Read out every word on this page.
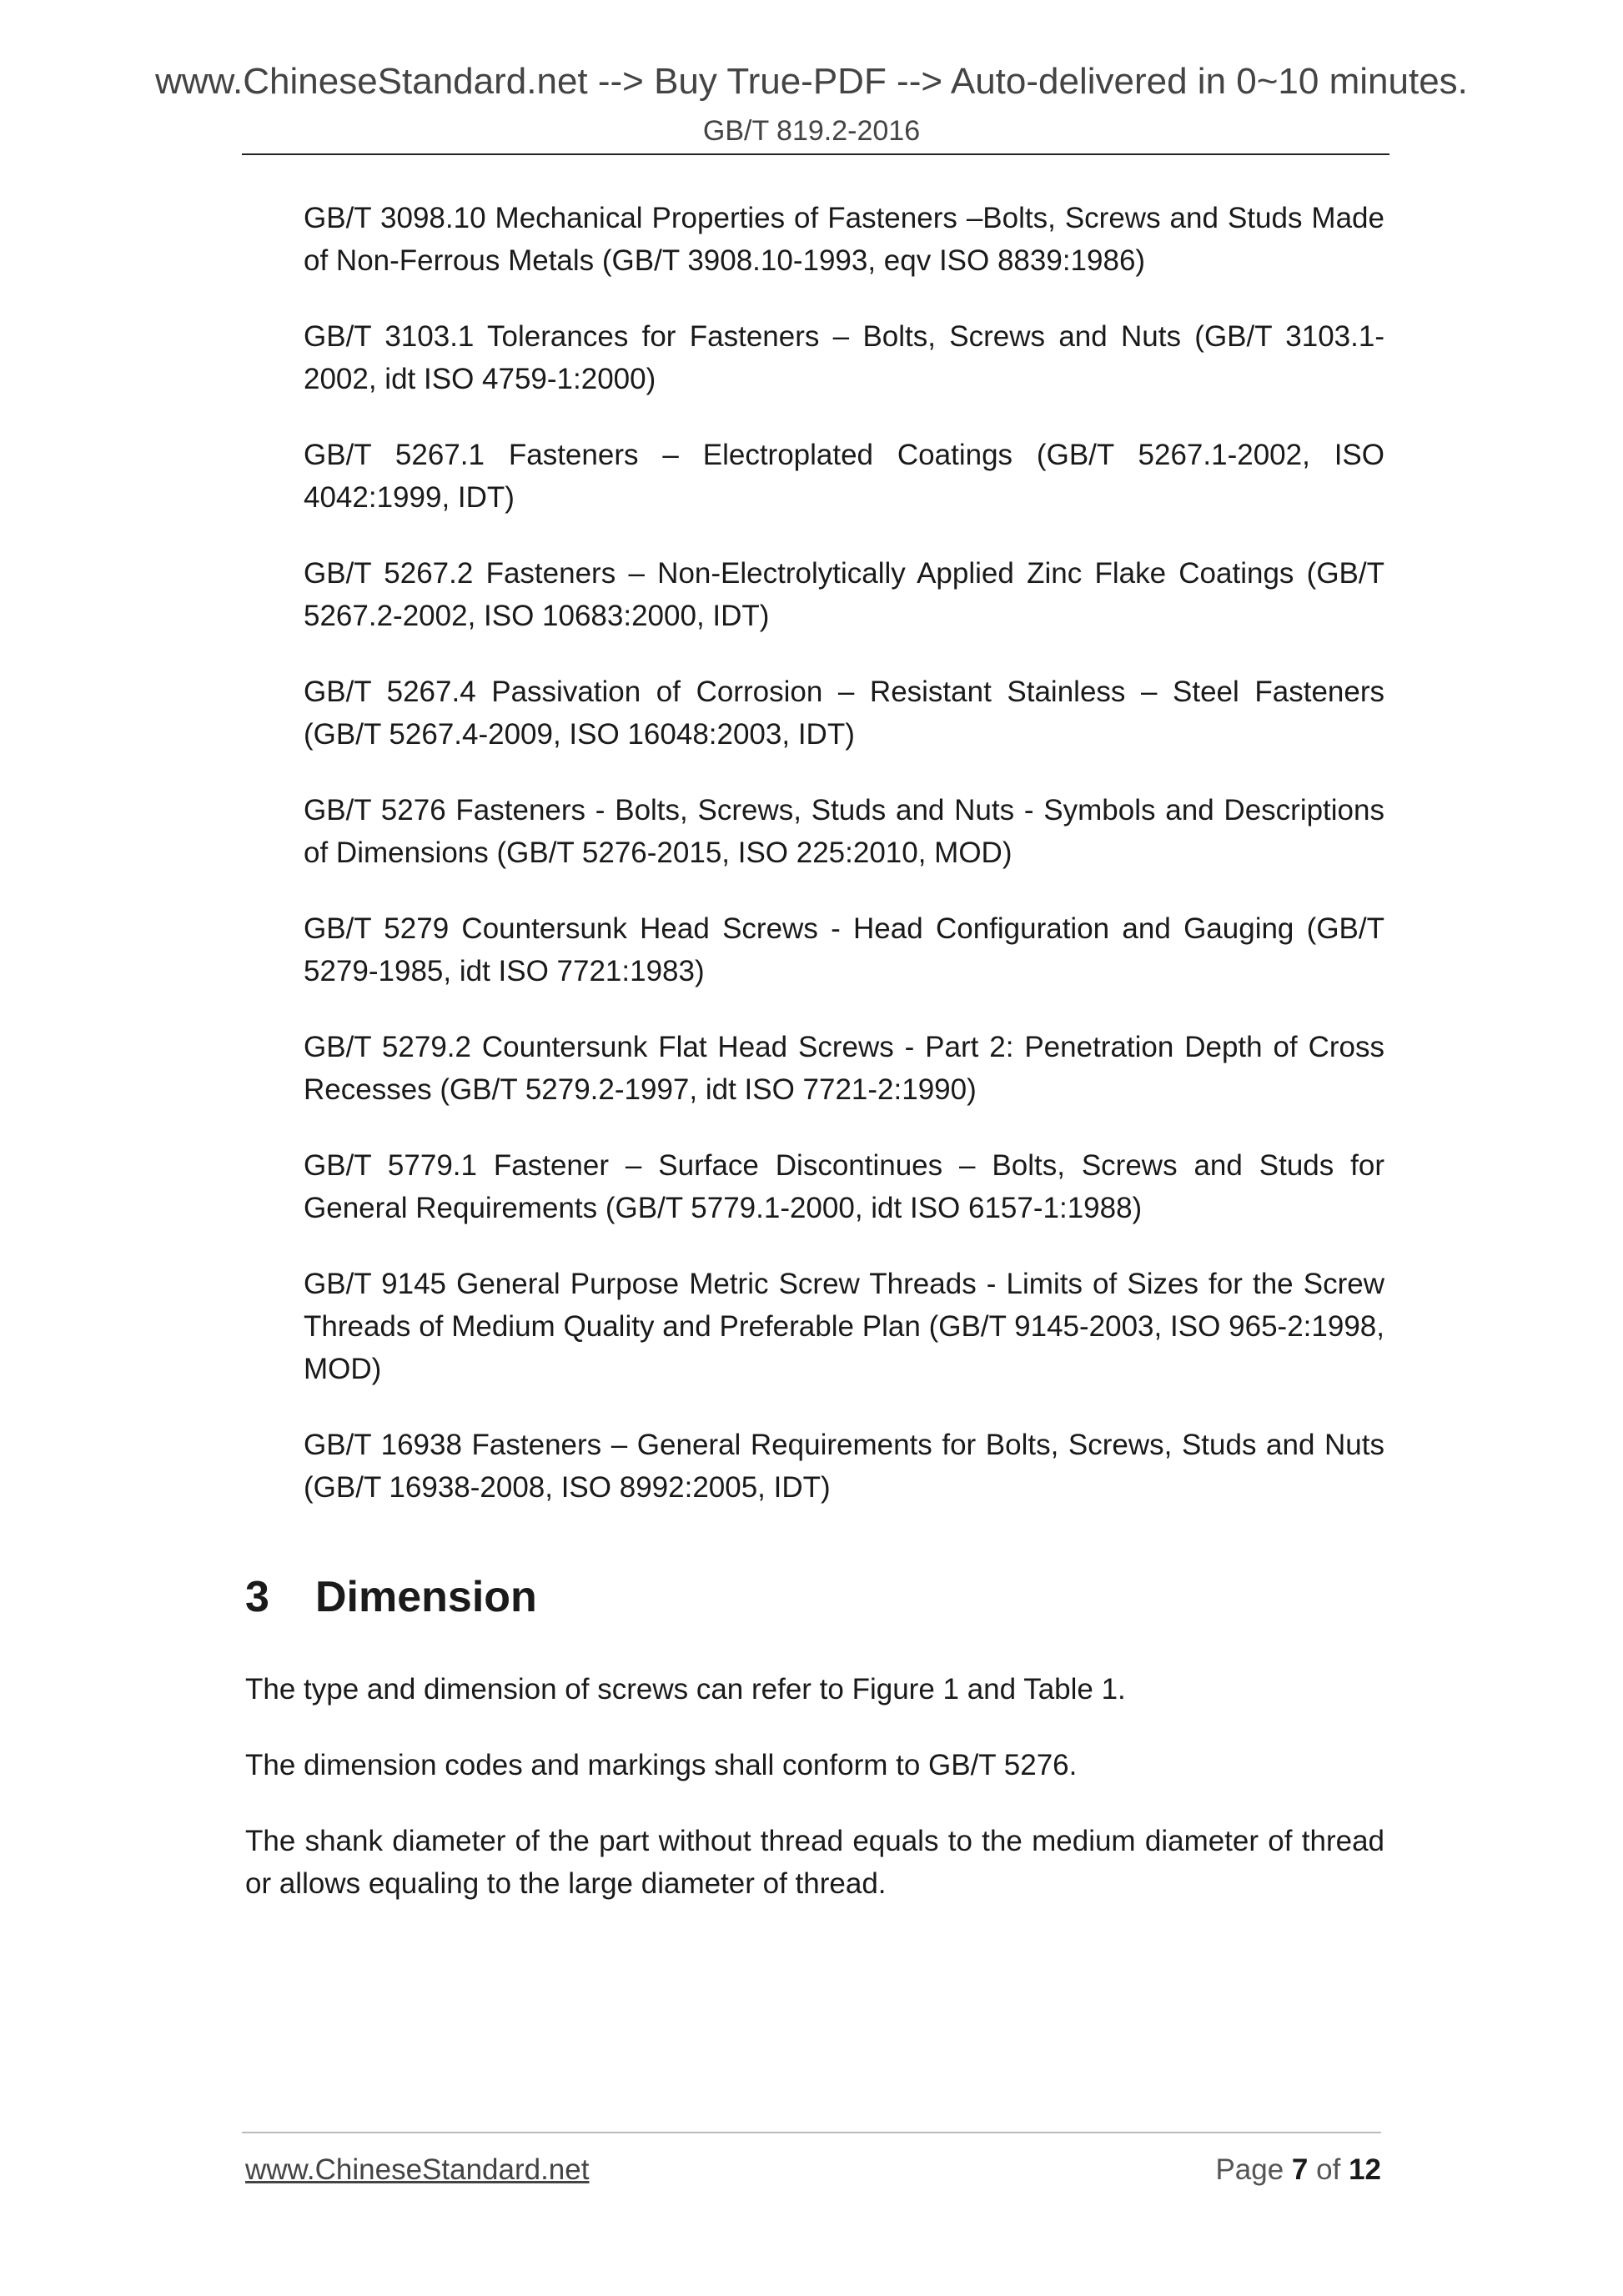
www.ChineseStandard.net --> Buy True-PDF --> Auto-delivered in 0~10 minutes.
GB/T 819.2-2016
GB/T 3098.10 Mechanical Properties of Fasteners –Bolts, Screws and Studs Made of Non-Ferrous Metals (GB/T 3908.10-1993, eqv ISO 8839:1986)
GB/T 3103.1 Tolerances for Fasteners – Bolts, Screws and Nuts (GB/T 3103.1-2002, idt ISO 4759-1:2000)
GB/T 5267.1 Fasteners – Electroplated Coatings (GB/T 5267.1-2002, ISO 4042:1999, IDT)
GB/T 5267.2 Fasteners – Non-Electrolytically Applied Zinc Flake Coatings (GB/T 5267.2-2002, ISO 10683:2000, IDT)
GB/T 5267.4 Passivation of Corrosion – Resistant Stainless – Steel Fasteners (GB/T 5267.4-2009, ISO 16048:2003, IDT)
GB/T 5276 Fasteners - Bolts, Screws, Studs and Nuts - Symbols and Descriptions of Dimensions (GB/T 5276-2015, ISO 225:2010, MOD)
GB/T 5279 Countersunk Head Screws - Head Configuration and Gauging (GB/T 5279-1985, idt ISO 7721:1983)
GB/T 5279.2 Countersunk Flat Head Screws - Part 2: Penetration Depth of Cross Recesses (GB/T 5279.2-1997, idt ISO 7721-2:1990)
GB/T 5779.1 Fastener – Surface Discontinues – Bolts, Screws and Studs for General Requirements (GB/T 5779.1-2000, idt ISO 6157-1:1988)
GB/T 9145 General Purpose Metric Screw Threads - Limits of Sizes for the Screw Threads of Medium Quality and Preferable Plan (GB/T 9145-2003, ISO 965-2:1998, MOD)
GB/T 16938 Fasteners – General Requirements for Bolts, Screws, Studs and Nuts (GB/T 16938-2008, ISO 8992:2005, IDT)
3	Dimension

The type and dimension of screws can refer to Figure 1 and Table 1.

The dimension codes and markings shall conform to GB/T 5276.

The shank diameter of the part without thread equals to the medium diameter of thread or allows equaling to the large diameter of thread.

www.ChineseStandard.net	Page 7 of 12
